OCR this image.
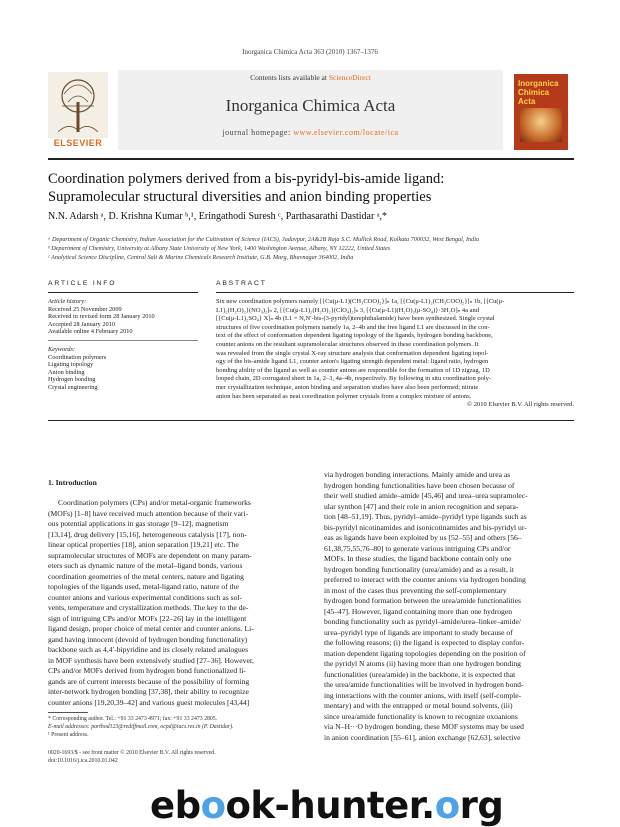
Inorganica Chimica Acta 363 (2010) 1367–1376
ELSEVIER
Contents lists available at ScienceDirect
Inorganica Chimica Acta
journal homepage: www.elsevier.com/locate/ica
Inorganica Chimica Acta
Coordination polymers derived from a bis-pyridyl-bis-amide ligand:
Supramolecular structural diversities and anion binding properties
N.N. Adarsh ᵃ, D. Krishna Kumar ᵇ,¹, Eringathodi Suresh ᶜ, Parthasarathi Dastidar ᵃ,*
ᵃ Department of Organic Chemistry, Indian Association for the Cultivation of Science (IACS), Jadavpur, 2A&2B Raja S.C. Mullick Road, Kolkata 700032, West Bengal, India
ᵇ Department of Chemistry, University at Albany State University of New York, 1400 Washington Avenue, Albany, NY 12222, United States
ᶜ Analytical Science Discipline, Central Salt & Marine Chemicals Research Institute, G.B. Marg, Bhavnagar 364002, India
ARTICLE INFO	ABSTRACT
Article history:
Received 25 November 2009
Received in revised form 28 January 2010
Accepted 28 January 2010
Available online 4 February 2010
Keywords:
Coordination polymers
Ligating topology
Anion binding
Hydrogen bonding
Crystal engineering
Six new coordination polymers namely [{Cu(μ-L1)(CH₃COO)₂}]ₙ 1a, [{Cu(μ-L1)₂(CH₃COO)₂}]ₙ 1b, [{Cu(μ-
L1)₂(H₂O)₂}(NO₃)₂]ₙ 2, [{Cu(μ-L1)₂(H₂O)₂}(ClO₄)₂]ₙ 3, [{Cu(μ-L1)(H₂O)₂(μ-SO₄)}·3H₂O]ₙ 4a and
[{Cu(μ-L1)₂SO₄} X]ₙ 4b (L1 = N,N′-bis-(3-pyridyl)terephthalamide) have been synthesized. Single crystal
structures of five coordination polymers namely 1a, 2–4b and the free ligand L1 are discussed in the con-
text of the effect of conformation dependent ligating topology of the ligands, hydrogen bonding backbone,
counter anions on the resultant supramolecular structures observed in these coordination polymers. It
was revealed from the single crystal X-ray structure analysis that conformation dependent ligating topol-
ogy of the bis-amide ligand L1, counter anion's ligating strength dependent metal: ligand ratio, hydrogen
bonding ability of the ligand as well as counter anions are responsible for the formation of 1D zigzag, 1D
looped chain, 2D corrugated sheet in 1a, 2–3, 4a–4b, respectively. By following in situ coordination poly-
mer crystallization technique, anion binding and separation studies have also been performed; nitrate
anion has been separated as neat coordination polymer crystals from a complex mixture of anions.
© 2010 Elsevier B.V. All rights reserved.
1. Introduction
Coordination polymers (CPs) and/or metal-organic frameworks
(MOFs) [1–8] have received much attention because of their vari-
ous potential applications in gas storage [9–12], magnetism
[13,14], drug delivery [15,16], heterogeneous catalysis [17], non-
linear optical properties [18], anion separation [19,21] etc. The
supramolecular structures of MOFs are dependent on many param-
eters such as dynamic nature of the metal–ligand bonds, various
coordination geometries of the metal centers, nature and ligating
topologies of the ligands used, metal-ligand ratio, nature of the
counter anions and various experimental conditions such as sol-
vents, temperature and crystallization methods. The key to the de-
sign of intriguing CPs and/or MOFs [22–26] lay in the intelligent
ligand design, proper choice of metal center and counter anions. Li-
gand having innocent (devoid of hydrogen bonding functionality)
backbone such as 4,4′-bipyridine and its closely related analogues
in MOF synthesis have been extensively studied [27–36]. However,
CPs and/or MOFs derived from hydrogen bond functionalized li-
gands are of current interests because of the possibility of forming
inter-network hydrogen bonding [37,38], their ability to recognize
counter anions [19,20,39–42] and various guest molecules [43,44]
via hydrogen bonding interactions. Mainly amide and urea as
hydrogen bonding functionalities have been chosen because of
their well studied amide–amide [45,46] and urea–urea supramolec-
ular synthon [47] and their role in anion recognition and separa-
tion [48–51,19]. Thus, pyridyl–amide–pyridyl type ligands such as
bis-pyridyl nicotinamides and isonicotinamides and bis-pyridyl ur-
eas as ligands have been exploited by us [52–55] and others [56–
61,38,75,55,76–80] to generate various intriguing CPs and/or
MOFs. In these studies, the ligand backbone contain only one
hydrogen bonding functionality (urea/amide) and as a result, it
preferred to interact with the counter anions via hydrogen bonding
in most of the cases thus preventing the self-complementary
hydrogen bond formation between the urea/amide functionalities
[45–47]. However, ligand containing more than one hydrogen
bonding functionality such as pyridyl–amide/urea–linker–amide/
urea–pyridyl type of ligands are important to study because of
the following reasons; (i) the ligand is expected to display confor-
mation dependent ligating topologies depending on the position of
the pyridyl N atoms (ii) having more than one hydrogen bonding
functionalities (urea/amide) in the backbone, it is expected that
the urea/amide functionalities will be involved in hydrogen bond-
ing interactions with the counter anions, with itself (self-comple-
mentary) and with the entrapped or metal bound solvents, (iii)
since urea/amide functionality is known to recognize oxoanions
via N–H···O hydrogen bonding, these MOF systems may be used
in anion coordination [55–61], anion exchange [62,63], selective
* Corresponding author. Tel.: +91 33 2473 4971; fax: +91 33 2473 2805.
E-mail addresses: parthod123@rediffmail.com, ocpd@iacs.res.in (P. Dastidar).
¹ Present address.
0020-1693/$ - see front matter © 2010 Elsevier B.V. All rights reserved.
doi:10.1016/j.ica.2010.01.042
ebook-hunter.org
